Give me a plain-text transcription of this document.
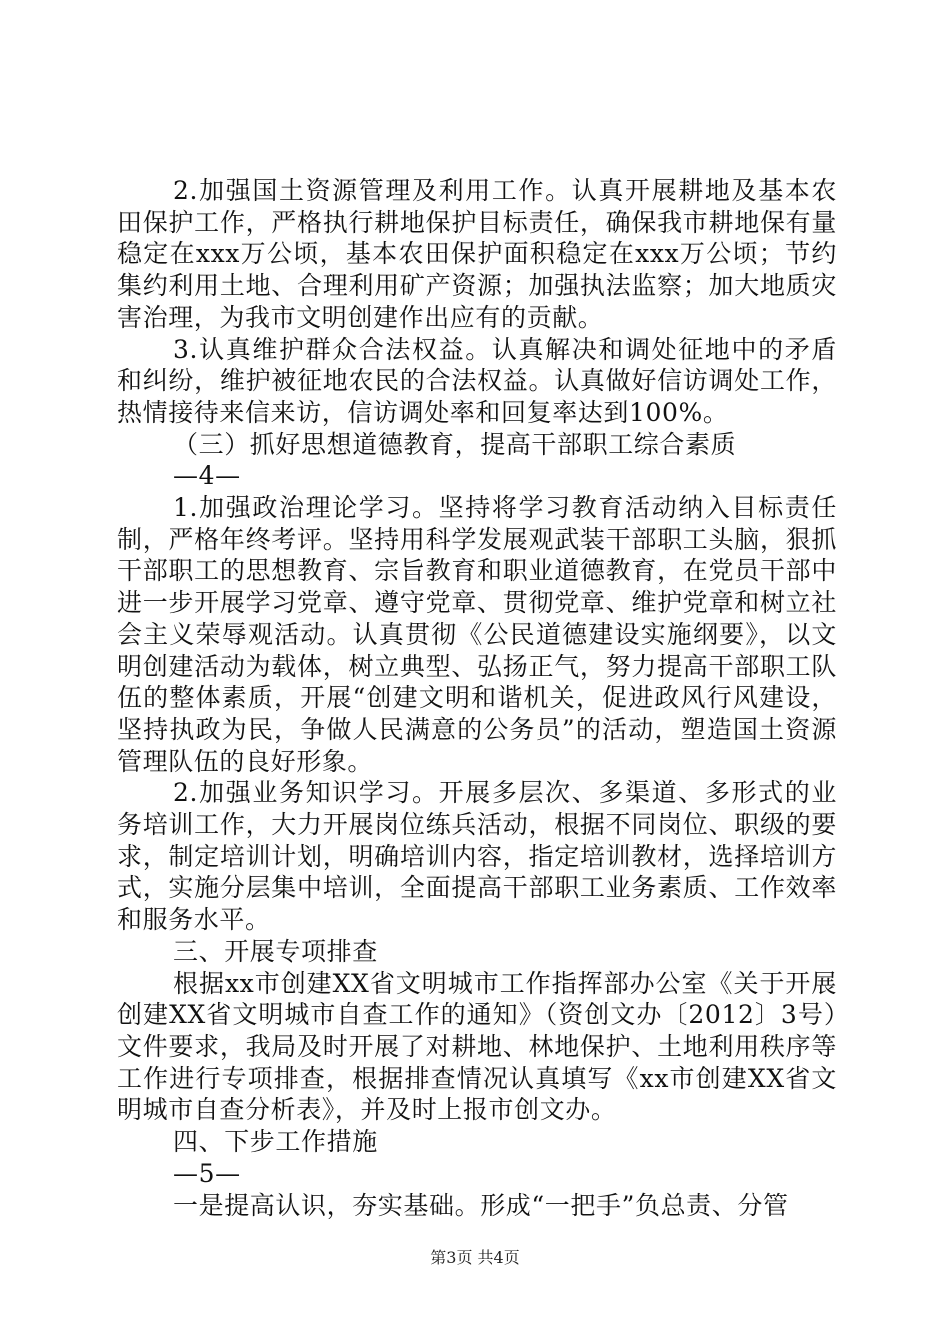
2.加强国土资源管理及利用工作。认真开展耕地及基本农田保护工作，严格执行耕地保护目标责任，确保我市耕地保有量稳定在xxx万公顷，基本农田保护面积稳定在xxx万公顷；节约集约利用土地、合理利用矿产资源；加强执法监察；加大地质灾害治理，为我市文明创建作出应有的贡献。

3.认真维护群众合法权益。认真解决和调处征地中的矛盾和纠纷，维护被征地农民的合法权益。认真做好信访调处工作，热情接待来信来访，信访调处率和回复率达到100%。

（三）抓好思想道德教育，提高干部职工综合素质

—4—

1.加强政治理论学习。坚持将学习教育活动纳入目标责任制，严格年终考评。坚持用科学发展观武装干部职工头脑，狠抓干部职工的思想教育、宗旨教育和职业道德教育，在党员干部中进一步开展学习党章、遵守党章、贯彻党章、维护党章和树立社会主义荣辱观活动。认真贯彻《公民道德建设实施纲要》，以文明创建活动为载体，树立典型、弘扬正气，努力提高干部职工队伍的整体素质，开展“创建文明和谐机关，促进政风行风建设，坚持执政为民，争做人民满意的公务员”的活动，塑造国土资源管理队伍的良好形象。

2.加强业务知识学习。开展多层次、多渠道、多形式的业务培训工作，大力开展岗位练兵活动，根据不同岗位、职级的要求，制定培训计划，明确培训内容，指定培训教材，选择培训方式，实施分层集中培训，全面提高干部职工业务素质、工作效率和服务水平。

三、开展专项排查

根据xx市创建XX省文明城市工作指挥部办公室《关于开展创建XX省文明城市自查工作的通知》（资创文办〔2012〕3号）文件要求，我局及时开展了对耕地、林地保护、土地利用秩序等工作进行专项排查，根据排查情况认真填写《xx市创建XX省文明城市自查分析表》，并及时上报市创文办。

四、下步工作措施

—5—

一是提高认识，夯实基础。形成“一把手”负总责、分管

第3页 共4页
